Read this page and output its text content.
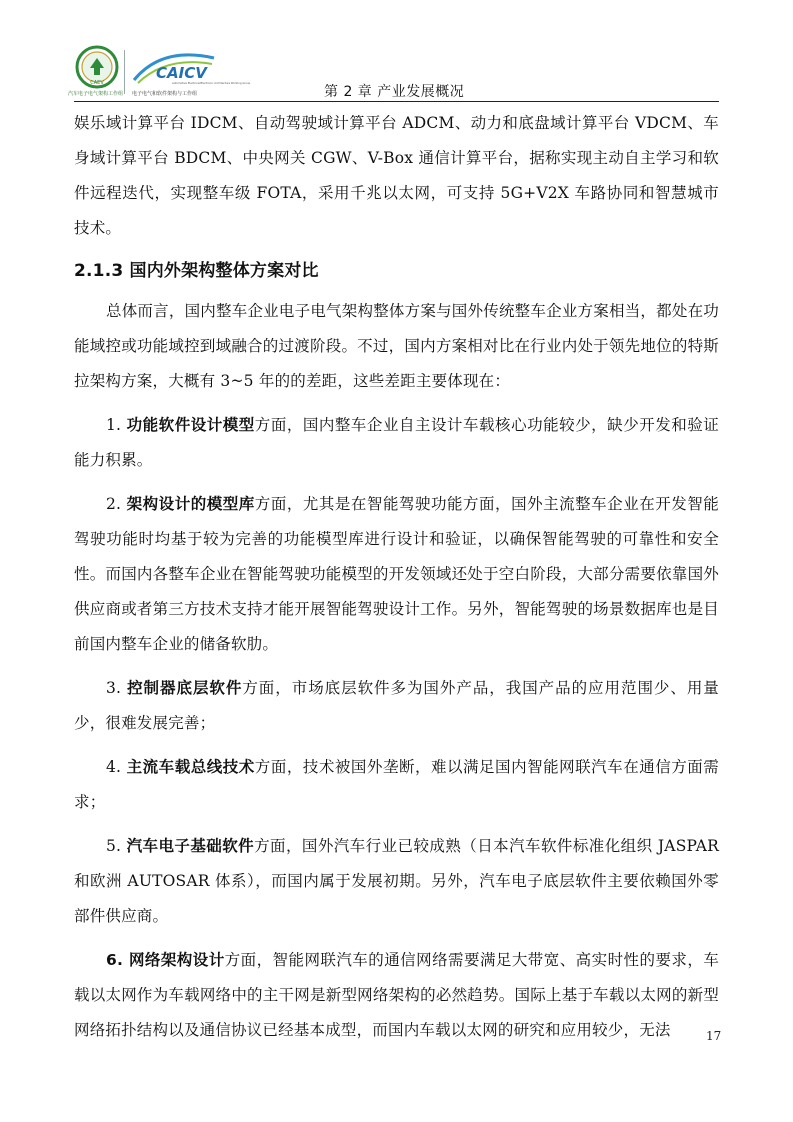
CAEV
汽车电子电气架构工作组
CAICV
Automotive Electrical/Electronic Architecture Working Group
电子电气和软件架构与工作组	第 2 章 产业发展概况

娱乐域计算平台 IDCM、自动驾驶域计算平台 ADCM、动力和底盘域计算平台 VDCM、车身域计算平台 BDCM、中央网关 CGW、V-Box 通信计算平台，据称实现主动自主学习和软件远程迭代，实现整车级 FOTA，采用千兆以太网，可支持 5G+V2X 车路协同和智慧城市技术。

2.1.3 国内外架构整体方案对比

总体而言，国内整车企业电子电气架构整体方案与国外传统整车企业方案相当，都处在功能域控或功能域控到域融合的过渡阶段。不过，国内方案相对比在行业内处于领先地位的特斯拉架构方案，大概有 3~5 年的的差距，这些差距主要体现在：

1. 功能软件设计模型方面，国内整车企业自主设计车载核心功能较少，缺少开发和验证能力积累。

2. 架构设计的模型库方面，尤其是在智能驾驶功能方面，国外主流整车企业在开发智能驾驶功能时均基于较为完善的功能模型库进行设计和验证，以确保智能驾驶的可靠性和安全性。而国内各整车企业在智能驾驶功能模型的开发领域还处于空白阶段，大部分需要依靠国外供应商或者第三方技术支持才能开展智能驾驶设计工作。另外，智能驾驶的场景数据库也是目前国内整车企业的储备软肋。

3. 控制器底层软件方面，市场底层软件多为国外产品，我国产品的应用范围少、用量少，很难发展完善；

4. 主流车载总线技术方面，技术被国外垄断，难以满足国内智能网联汽车在通信方面需求；

5. 汽车电子基础软件方面，国外汽车行业已较成熟（日本汽车软件标准化组织 JASPAR 和欧洲 AUTOSAR 体系），而国内属于发展初期。另外，汽车电子底层软件主要依赖国外零部件供应商。

6. 网络架构设计方面，智能网联汽车的通信网络需要满足大带宽、高实时性的要求，车载以太网作为车载网络中的主干网是新型网络架构的必然趋势。国际上基于车载以太网的新型网络拓扑结构以及通信协议已经基本成型，而国内车载以太网的研究和应用较少，无法	17
